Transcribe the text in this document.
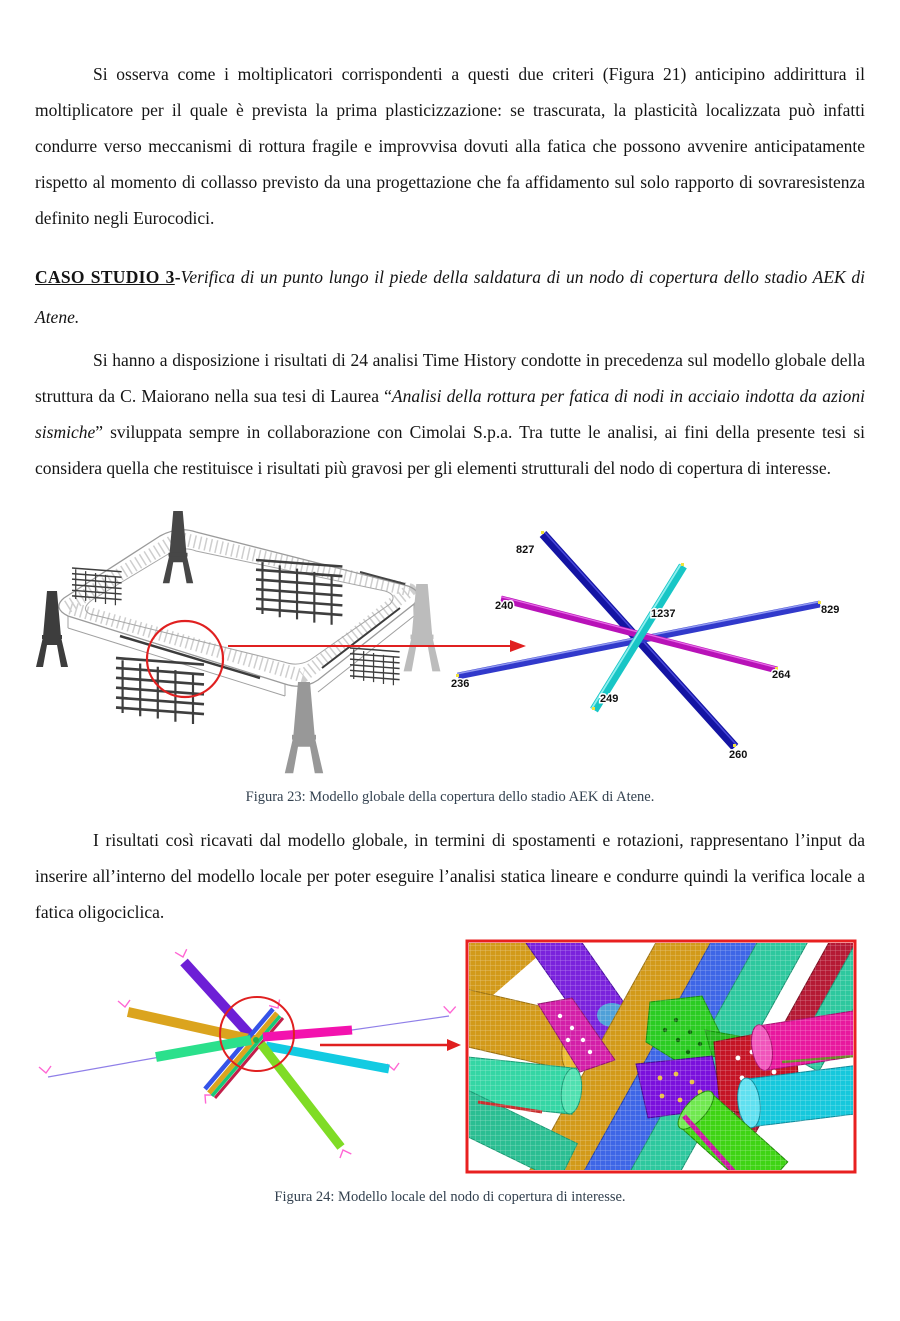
Si osserva come i moltiplicatori corrispondenti a questi due criteri (Figura 21) anticipino addirittura il moltiplicatore per il quale è prevista la prima plasticizzazione: se trascurata, la plasticità localizzata può infatti condurre verso meccanismi di rottura fragile e improvvisa dovuti alla fatica che possono avvenire anticipatamente rispetto al momento di collasso previsto da una progettazione che fa affidamento sul solo rapporto di sovraresistenza definito negli Eurocodici.

CASO STUDIO 3-Verifica di un punto lungo il piede della saldatura di un nodo di copertura dello stadio AEK di Atene.

Si hanno a disposizione i risultati di 24 analisi Time History condotte in precedenza sul modello globale della struttura da C. Maiorano nella sua tesi di Laurea “Analisi della rottura per fatica di nodi in acciaio indotta da azioni sismiche” sviluppata sempre in collaborazione con Cimolai S.p.a. Tra tutte le analisi, ai fini della presente tesi si considera quella che restituisce i risultati più gravosi per gli elementi strutturali del nodo di copertura di interesse.

827
240
1237	829
236
264
249
260
Figura 23: Modello globale della copertura dello stadio AEK di Atene.

I risultati così ricavati dal modello globale, in termini di spostamenti e rotazioni, rappresentano l’input da inserire all’interno del modello locale per poter eseguire l’analisi statica lineare e condurre quindi la verifica locale a fatica oligociclica.

Figura 24: Modello locale del nodo di copertura di interesse.
